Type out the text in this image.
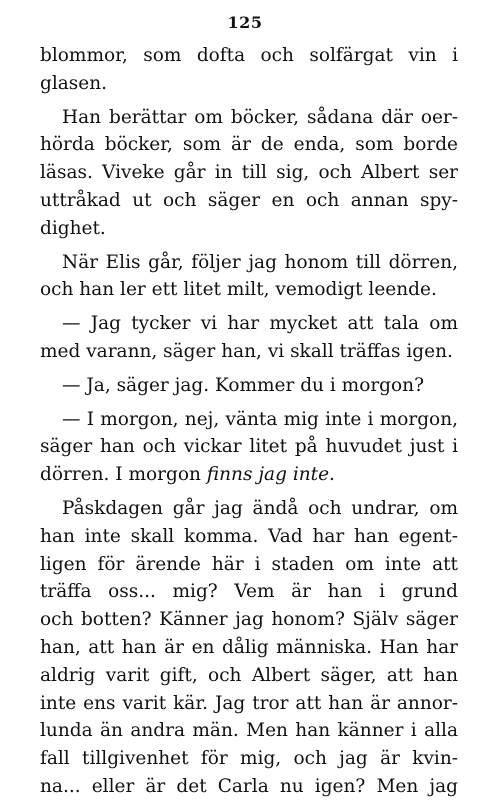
125
blommor, som dofta och solfärgat vin i
glasen.
Han berättar om böcker, sådana där oer-
hörda böcker, som är de enda, som borde
läsas. Viveke går in till sig, och Albert ser
uttråkad ut och säger en och annan spy-
dighet.
När Elis går, följer jag honom till dörren,
och han ler ett litet milt, vemodigt leende.
— Jag tycker vi har mycket att tala om
med varann, säger han, vi skall träffas igen.
— Ja, säger jag. Kommer du i morgon?
— I morgon, nej, vänta mig inte i morgon,
säger han och vickar litet på huvudet just i
dörren. I morgon finns jag inte.
Påskdagen går jag ändå och undrar, om
han inte skall komma. Vad har han egent-
ligen för ärende här i staden om inte att
träffa oss... mig? Vem är han i grund
och botten? Känner jag honom? Själv säger
han, att han är en dålig människa. Han har
aldrig varit gift, och Albert säger, att han
inte ens varit kär. Jag tror att han är annor-
lunda än andra män. Men han känner i alla
fall tillgivenhet för mig, och jag är kvin-
na... eller är det Carla nu igen? Men jag
